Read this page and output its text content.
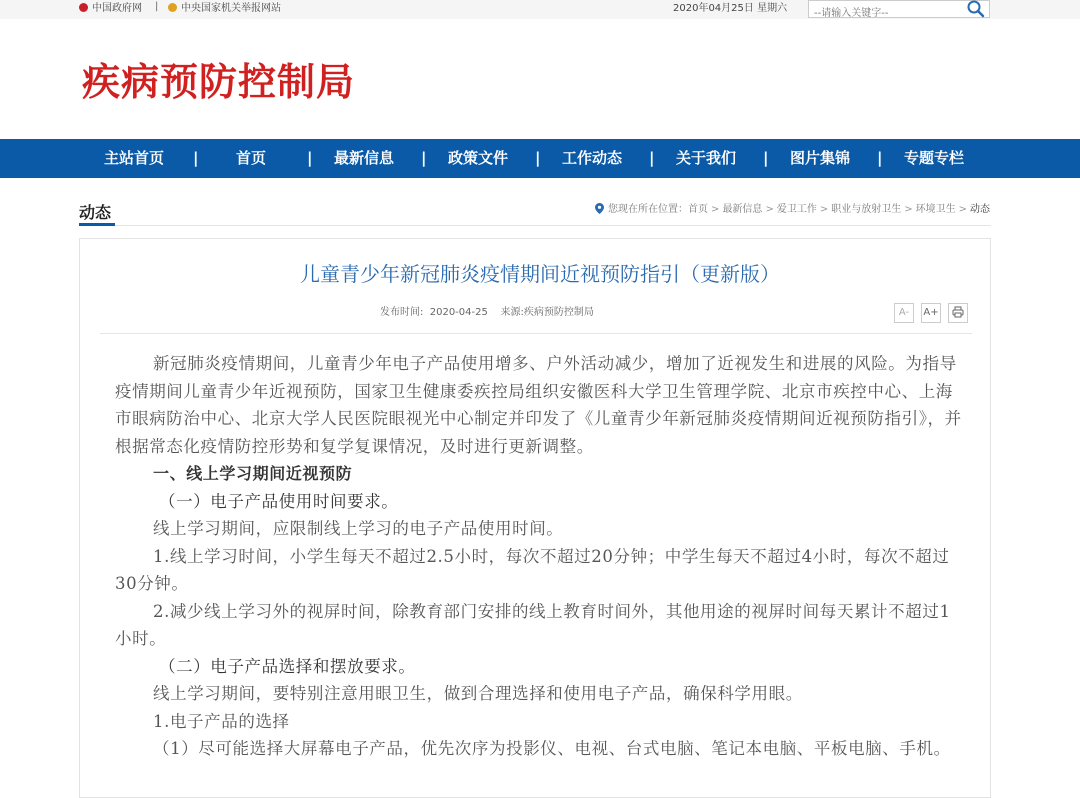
中国政府网 |	中央国家机关举报网站	2020年04月25日 星期六
--请输入关键字--
疾病预防控制局
主站首页 |	首页	| 最新信息 | 政策文件 | 工作动态 | 关于我们 | 图片集锦 | 专题专栏
动态	您现在所在位置：首页 > 最新信息 > 爱卫工作 > 职业与放射卫生 > 环境卫生 > 动态
儿童青少年新冠肺炎疫情期间近视预防指引（更新版）
发布时间:  2020-04-25    来源:疾病预防控制局	A-	A+

新冠肺炎疫情期间，儿童青少年电子产品使用增多、户外活动减少，增加了近视发生和进展的风险。为指导疫情期间儿童青少年近视预防，国家卫生健康委疾控局组织安徽医科大学卫生管理学院、北京市疾控中心、上海市眼病防治中心、北京大学人民医院眼视光中心制定并印发了《儿童青少年新冠肺炎疫情期间近视预防指引》，并根据常态化疫情防控形势和复学复课情况，及时进行更新调整。

一、线上学习期间近视预防

（一）电子产品使用时间要求。

线上学习期间，应限制线上学习的电子产品使用时间。

1.线上学习时间，小学生每天不超过2.5小时，每次不超过20分钟；中学生每天不超过4小时，每次不超过30分钟。

2.减少线上学习外的视屏时间，除教育部门安排的线上教育时间外，其他用途的视屏时间每天累计不超过1小时。

（二）电子产品选择和摆放要求。

线上学习期间，要特别注意用眼卫生，做到合理选择和使用电子产品，确保科学用眼。

1.电子产品的选择

（1）尽可能选择大屏幕电子产品，优先次序为投影仪、电视、台式电脑、笔记本电脑、平板电脑、手机。
